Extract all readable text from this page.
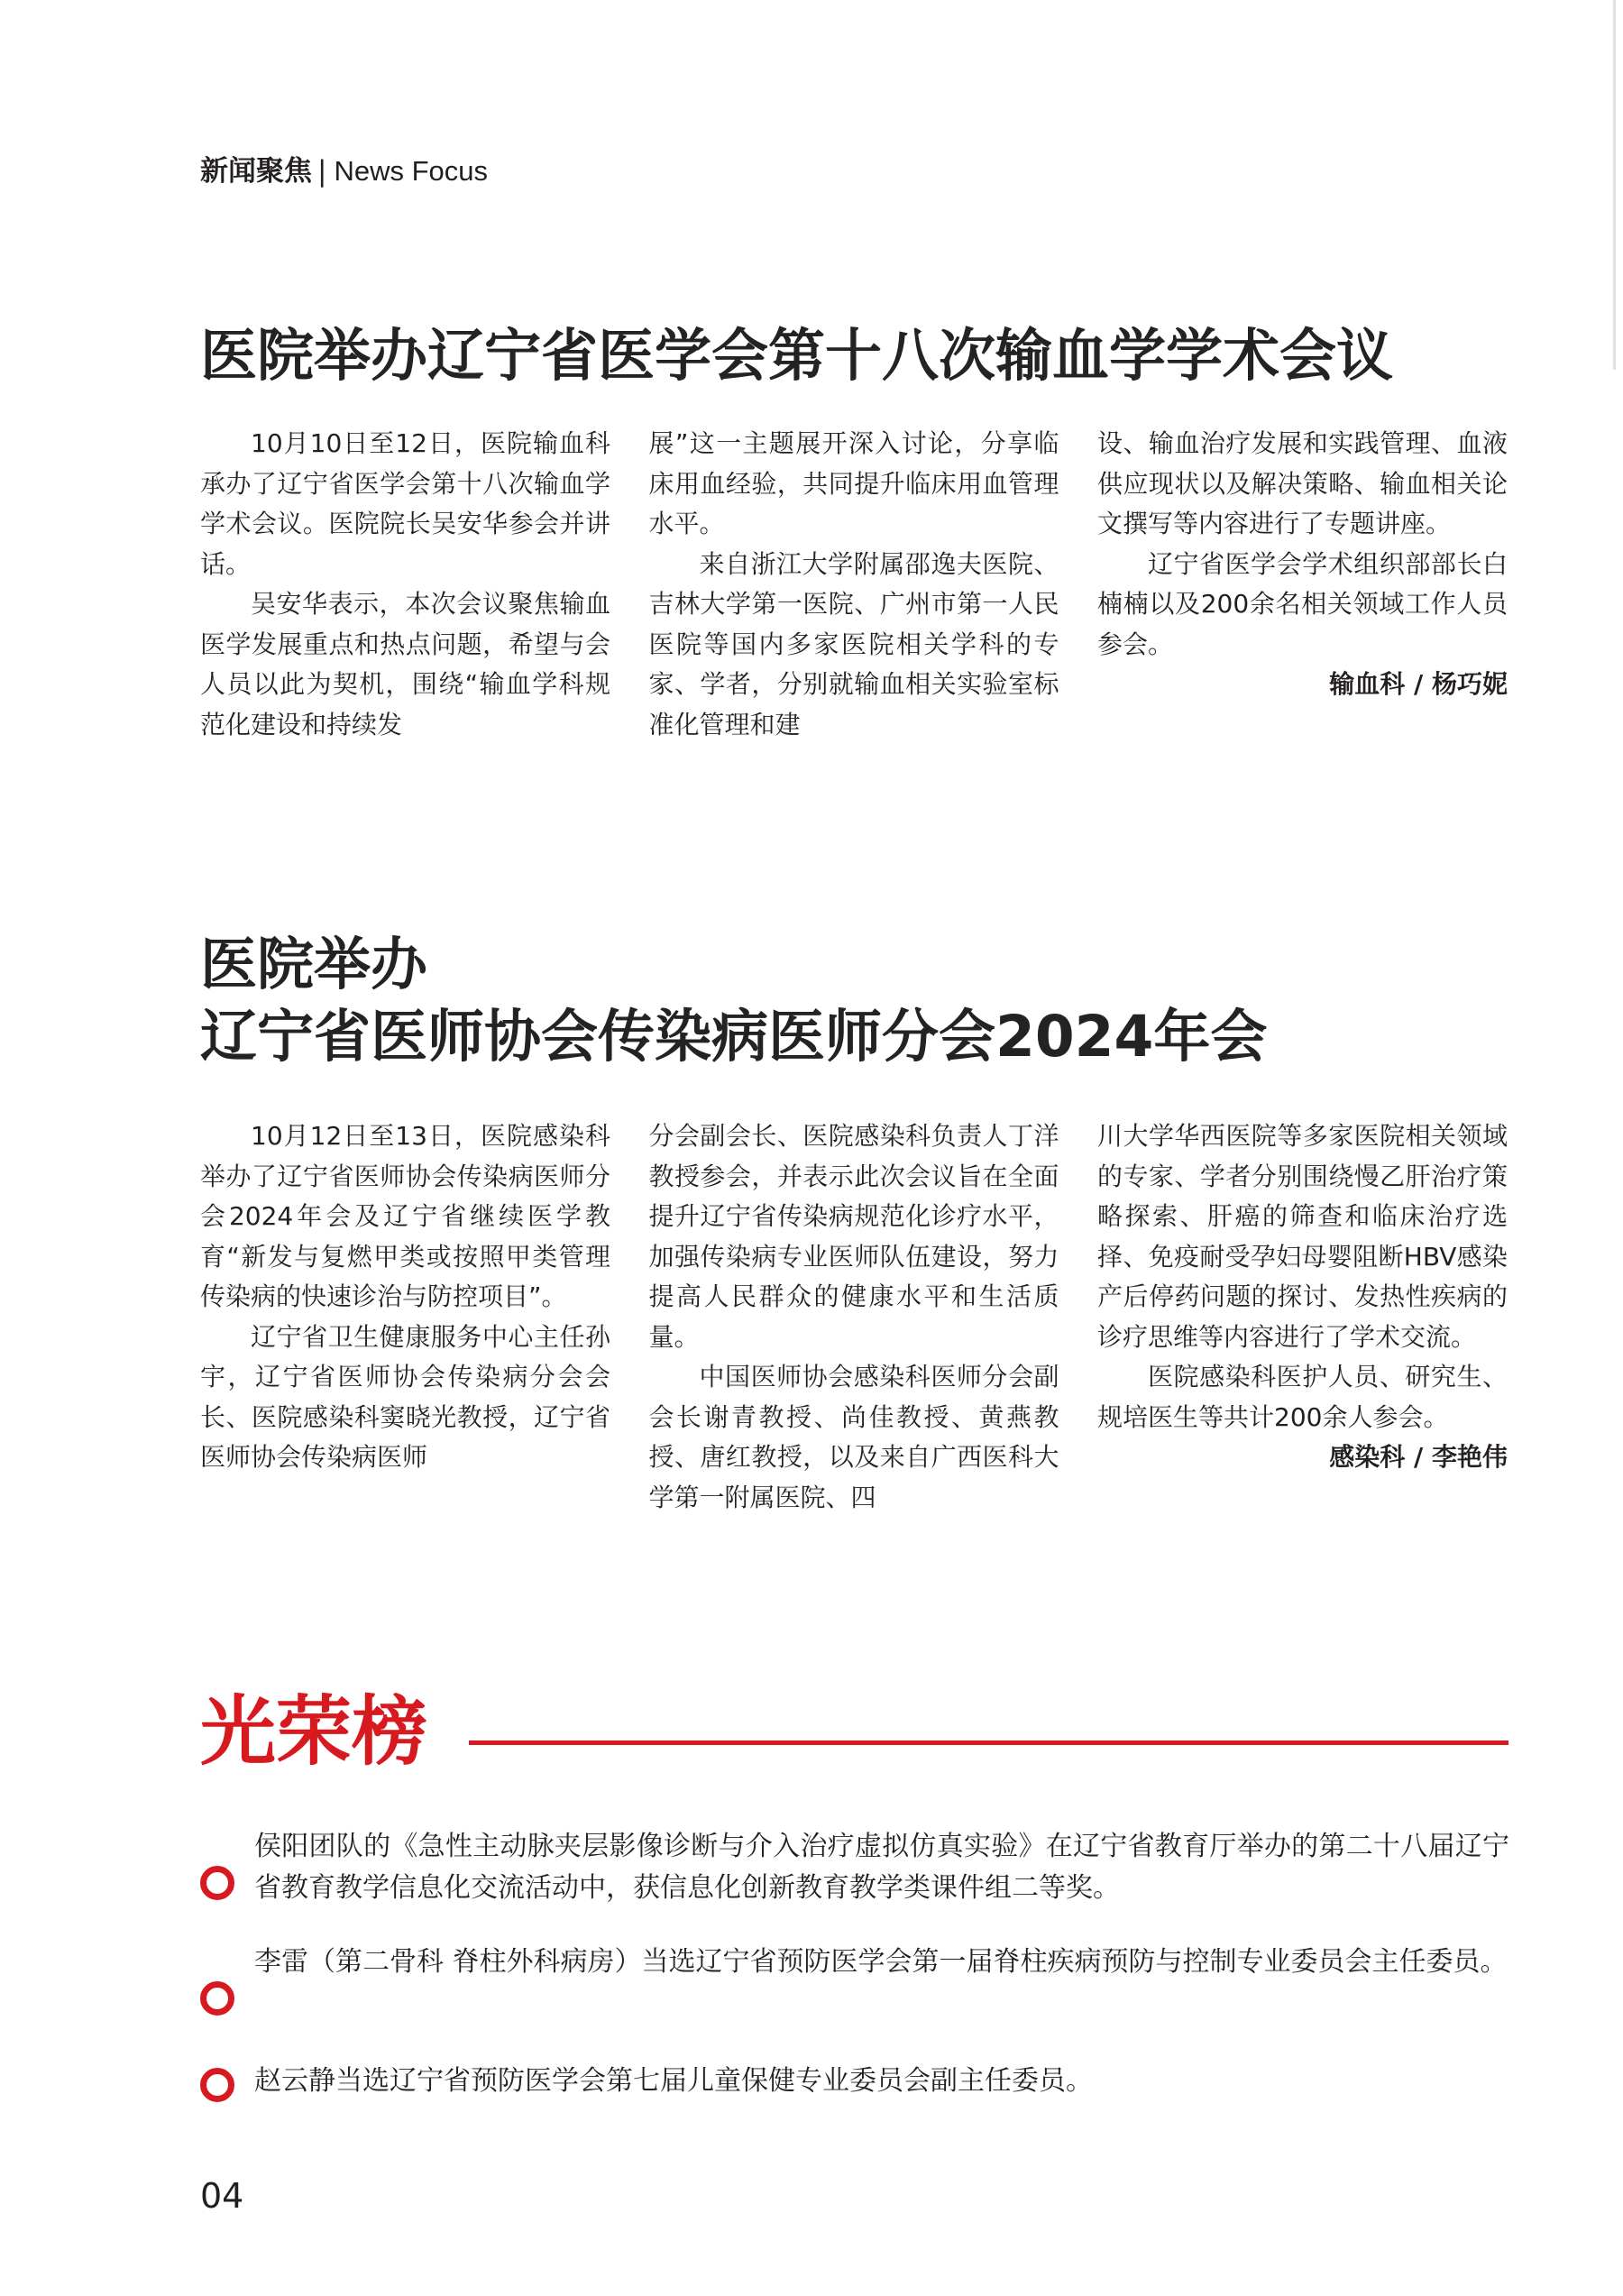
新闻聚焦 | News Focus
医院举办辽宁省医学会第十八次输血学学术会议

10月10日至12日，医院输血科承办了辽宁省医学会第十八次输血学学术会议。医院院长吴安华参会并讲话。

吴安华表示，本次会议聚焦输血医学发展重点和热点问题，希望与会人员以此为契机，围绕“输血学科规范化建设和持续发

展”这一主题展开深入讨论，分享临床用血经验，共同提升临床用血管理水平。

来自浙江大学附属邵逸夫医院、吉林大学第一医院、广州市第一人民医院等国内多家医院相关学科的专家、学者，分别就输血相关实验室标准化管理和建

设、输血治疗发展和实践管理、血液供应现状以及解决策略、输血相关论文撰写等内容进行了专题讲座。

辽宁省医学会学术组织部部长白楠楠以及200余名相关领域工作人员参会。

输血科 / 杨巧妮
医院举办
辽宁省医师协会传染病医师分会2024年会

10月12日至13日，医院感染科举办了辽宁省医师协会传染病医师分会2024年会及辽宁省继续医学教育“新发与复燃甲类或按照甲类管理传染病的快速诊治与防控项目”。

辽宁省卫生健康服务中心主任孙宇，辽宁省医师协会传染病分会会长、医院感染科窦晓光教授，辽宁省医师协会传染病医师

分会副会长、医院感染科负责人丁洋教授参会，并表示此次会议旨在全面提升辽宁省传染病规范化诊疗水平，加强传染病专业医师队伍建设，努力提高人民群众的健康水平和生活质量。

中国医师协会感染科医师分会副会长谢青教授、尚佳教授、黄燕教授、唐红教授，以及来自广西医科大学第一附属医院、四

川大学华西医院等多家医院相关领域的专家、学者分别围绕慢乙肝治疗策略探索、肝癌的筛查和临床治疗选择、免疫耐受孕妇母婴阻断HBV感染产后停药问题的探讨、发热性疾病的诊疗思维等内容进行了学术交流。

医院感染科医护人员、研究生、规培医生等共计200余人参会。

感染科 / 李艳伟
光荣榜
侯阳团队的《急性主动脉夹层影像诊断与介入治疗虚拟仿真实验》在辽宁省教育厅举办的第二十八届辽宁省教育教学信息化交流活动中，获信息化创新教育教学类课件组二等奖。
李雷（第二骨科 脊柱外科病房）当选辽宁省预防医学会第一届脊柱疾病预防与控制专业委员会主任委员。
赵云静当选辽宁省预防医学会第七届儿童保健专业委员会副主任委员。
04
